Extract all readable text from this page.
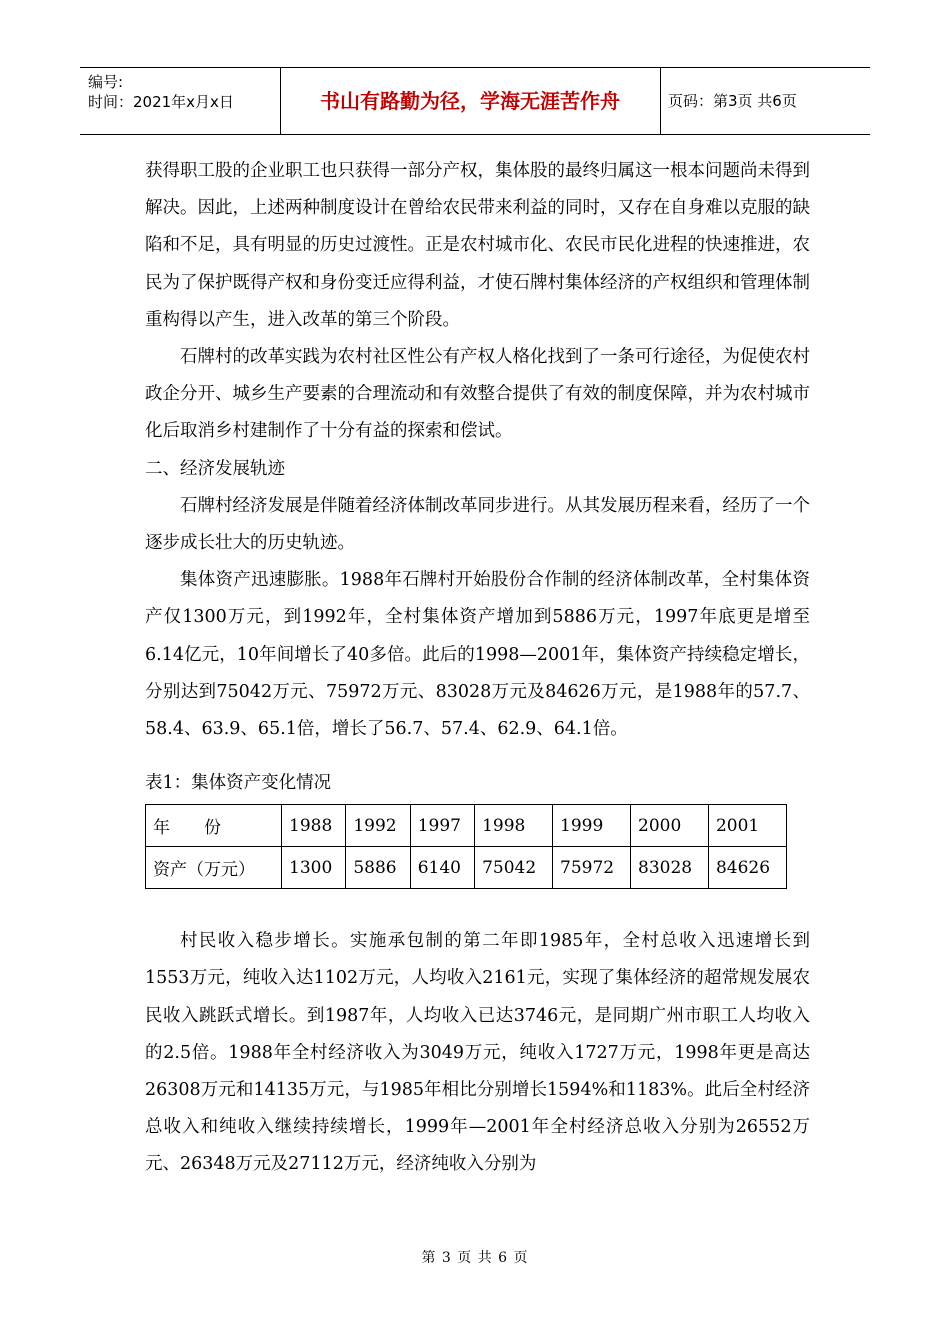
编号:
时间：2021年x月x日	书山有路勤为径，学海无涯苦作舟	页码：第3页 共6页

获得职工股的企业职工也只获得一部分产权，集体股的最终归属这一根本问题尚未得到解决。因此，上述两种制度设计在曾给农民带来利益的同时，又存在自身难以克服的缺陷和不足，具有明显的历史过渡性。正是农村城市化、农民市民化进程的快速推进，农民为了保护既得产权和身份变迁应得利益，才使石牌村集体经济的产权组织和管理体制重构得以产生，进入改革的第三个阶段。

石牌村的改革实践为农村社区性公有产权人格化找到了一条可行途径，为促使农村政企分开、城乡生产要素的合理流动和有效整合提供了有效的制度保障，并为农村城市化后取消乡村建制作了十分有益的探索和偿试。

二、经济发展轨迹

石牌村经济发展是伴随着经济体制改革同步进行。从其发展历程来看，经历了一个逐步成长壮大的历史轨迹。

集体资产迅速膨胀。1988年石牌村开始股份合作制的经济体制改革，全村集体资产仅1300万元，到1992年，全村集体资产增加到5886万元，1997年底更是增至6.14亿元，10年间增长了40多倍。此后的1998—2001年，集体资产持续稳定增长，分别达到75042万元、75972万元、83028万元及84626万元，是1988年的57.7、58.4、63.9、65.1倍，增长了56.7、57.4、62.9、64.1倍。

表1：集体资产变化情况

年　　份	1988	1992	1997	1998	1999	2000	2001
资产（万元）	1300	5886	6140	75042	75972	83028	84626

村民收入稳步增长。实施承包制的第二年即1985年，全村总收入迅速增长到1553万元，纯收入达1102万元，人均收入2161元，实现了集体经济的超常规发展农民收入跳跃式增长。到1987年，人均收入已达3746元，是同期广州市职工人均收入的2.5倍。1988年全村经济收入为3049万元，纯收入1727万元，1998年更是高达26308万元和14135万元，与1985年相比分别增长1594%和1183%。此后全村经济总收入和纯收入继续持续增长，1999年—2001年全村经济总收入分别为26552万元、26348万元及27112万元，经济纯收入分别为

第 3 页 共 6 页
